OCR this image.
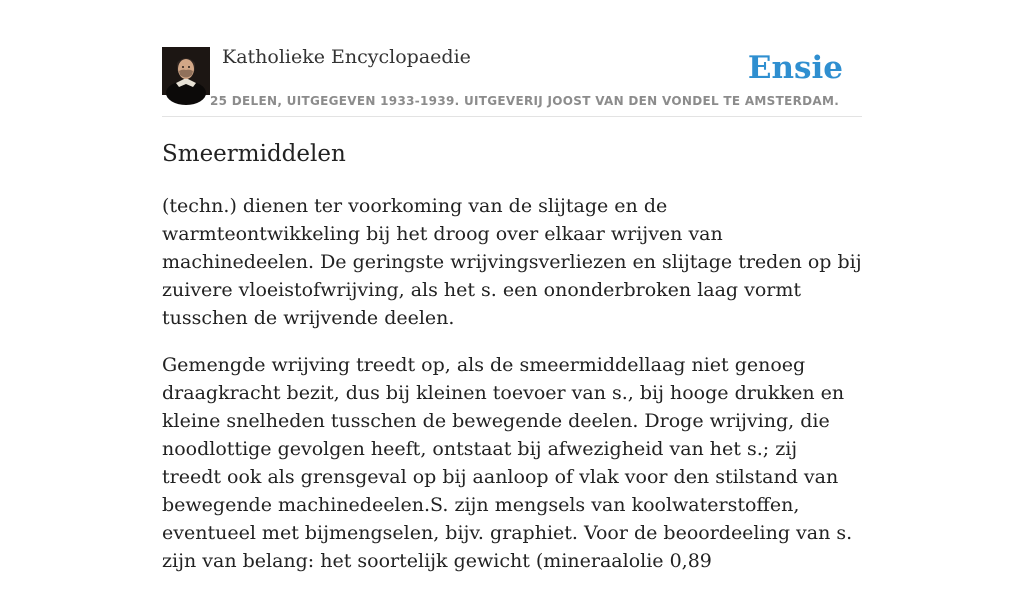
Katholieke Encyclopaedie
25 DELEN, UITGEGEVEN 1933-1939. UITGEVERIJ JOOST VAN DEN VONDEL TE AMSTERDAM.
Ensie
Smeermiddelen

(techn.) dienen ter voorkoming van de slijtage en de warmteontwikkeling bij het droog over elkaar wrijven van machinedeelen. De geringste wrijvingsverliezen en slijtage treden op bij zuivere vloeistofwrijving, als het s. een ononderbroken laag vormt tusschen de wrijvende deelen.

Gemengde wrijving treedt op, als de smeermiddellaag niet genoeg draagkracht bezit, dus bij kleinen toevoer van s., bij hooge drukken en kleine snelheden tusschen de bewegende deelen. Droge wrijving, die noodlottige gevolgen heeft, ontstaat bij afwezigheid van het s.; zij treedt ook als grensgeval op bij aanloop of vlak voor den stilstand van bewegende machinedeelen.S. zijn mengsels van koolwaterstoffen, eventueel met bijmengselen, bijv. graphiet. Voor de beoordeeling van s. zijn van belang: het soortelijk gewicht (mineraalolie 0,89
